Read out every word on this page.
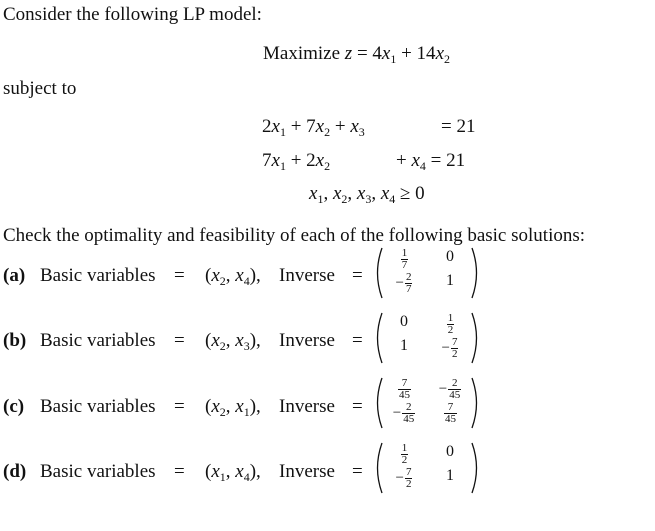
Consider the following LP model:
Maximize $z = 4x_1 + 14x_2$
subject to
$2x_1 + 7x_2 + x_3$	= 21
$7x_1 + 2x_2$	+ $x_4 = 21$
$x_1$, $x_2$, $x_3$, $x_4 \ge 0$
Check the optimality and feasibility of each of the following basic solutions:
(a) Basic variables = ($x_2$, $x_4$), Inverse =
$\frac{1}{7}$	0
− $\frac{2}{7}$	1
(b) Basic variables = ($x_2$, $x_3$), Inverse =
0	$\frac{1}{2}$
1	− $\frac{7}{2}$
(c) Basic variables = ($x_2$, $x_1$), Inverse =
$\frac{7}{45}$	− $\frac{2}{45}$
− $\frac{2}{45}$	$\frac{7}{45}$
(d) Basic variables = ($x_1$, $x_4$), Inverse =
$\frac{1}{2}$	0
− $\frac{7}{2}$	1
